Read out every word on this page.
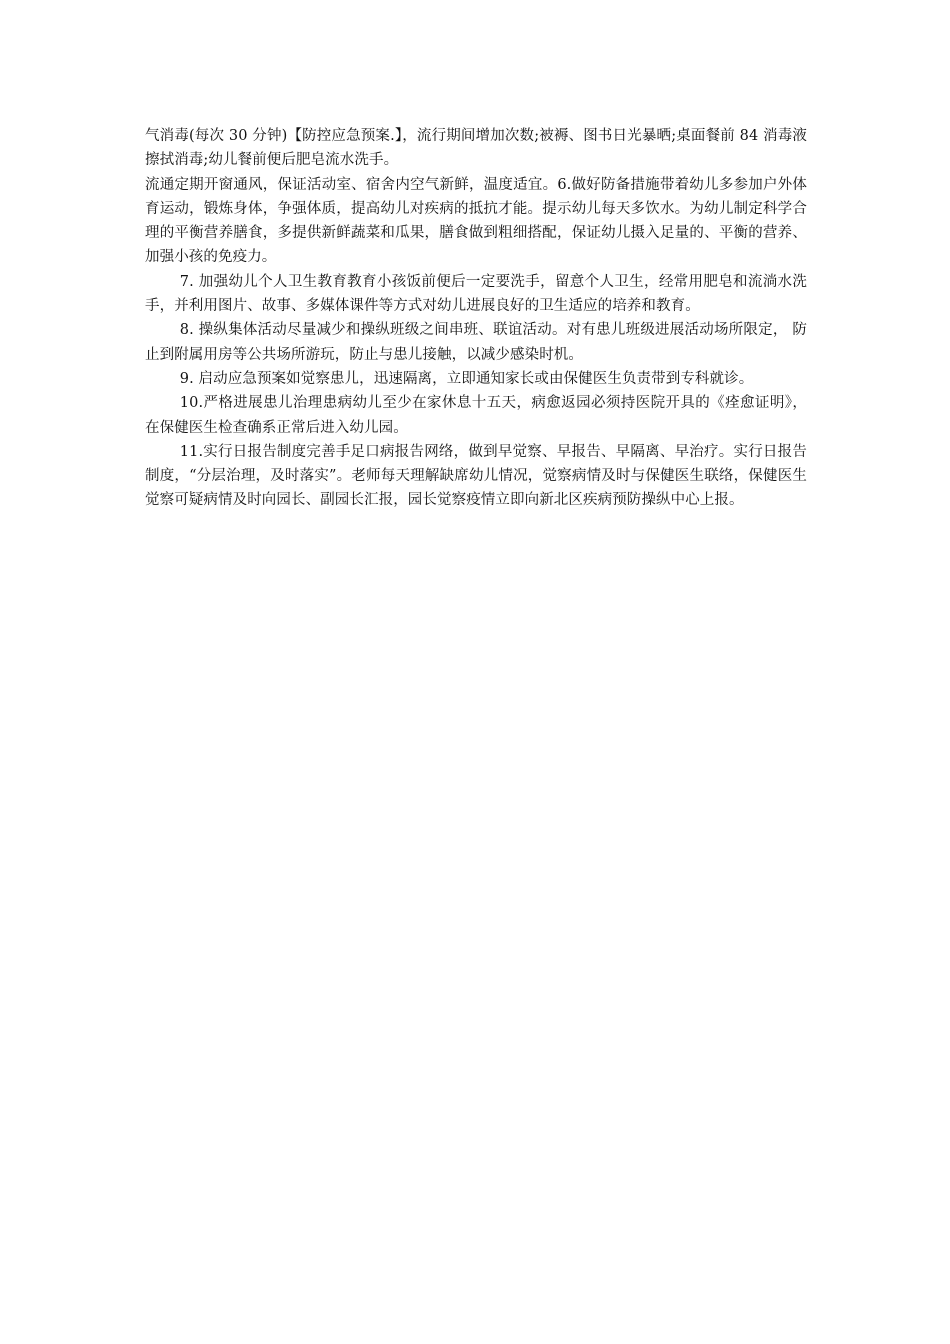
气消毒(每次 30 分钟)【防控应急预案.】，流行期间增加次数;被褥、图书日光暴晒;桌面餐前 84 消毒液擦拭消毒;幼儿餐前便后肥皂流水洗手。

流通定期开窗通风，保证活动室、宿舍内空气新鲜，温度适宜。6.做好防备措施带着幼儿多参加户外体育运动，锻炼身体，争强体质，提高幼儿对疾病的抵抗才能。提示幼儿每天多饮水。为幼儿制定科学合理的平衡营养膳食，多提供新鲜蔬菜和瓜果，膳食做到粗细搭配，保证幼儿摄入足量的、平衡的营养、加强小孩的免疫力。

7. 加强幼儿个人卫生教育教育小孩饭前便后一定要洗手，留意个人卫生，经常用肥皂和流淌水洗手，并利用图片、故事、多媒体课件等方式对幼儿进展良好的卫生适应的培养和教育。

8. 操纵集体活动尽量减少和操纵班级之间串班、联谊活动。对有患儿班级进展活动场所限定， 防止到附属用房等公共场所游玩，防止与患儿接触，以减少感染时机。

9. 启动应急预案如觉察患儿，迅速隔离，立即通知家长或由保健医生负责带到专科就诊。

10.严格进展患儿治理患病幼儿至少在家休息十五天，病愈返园必须持医院开具的《痊愈证明》，在保健医生检查确系正常后进入幼儿园。

11.实行日报告制度完善手足口病报告网络，做到早觉察、早报告、早隔离、早治疗。实行日报告制度，“分层治理，及时落实”。老师每天理解缺席幼儿情况，觉察病情及时与保健医生联络，保健医生觉察可疑病情及时向园长、副园长汇报，园长觉察疫情立即向新北区疾病预防操纵中心上报。
